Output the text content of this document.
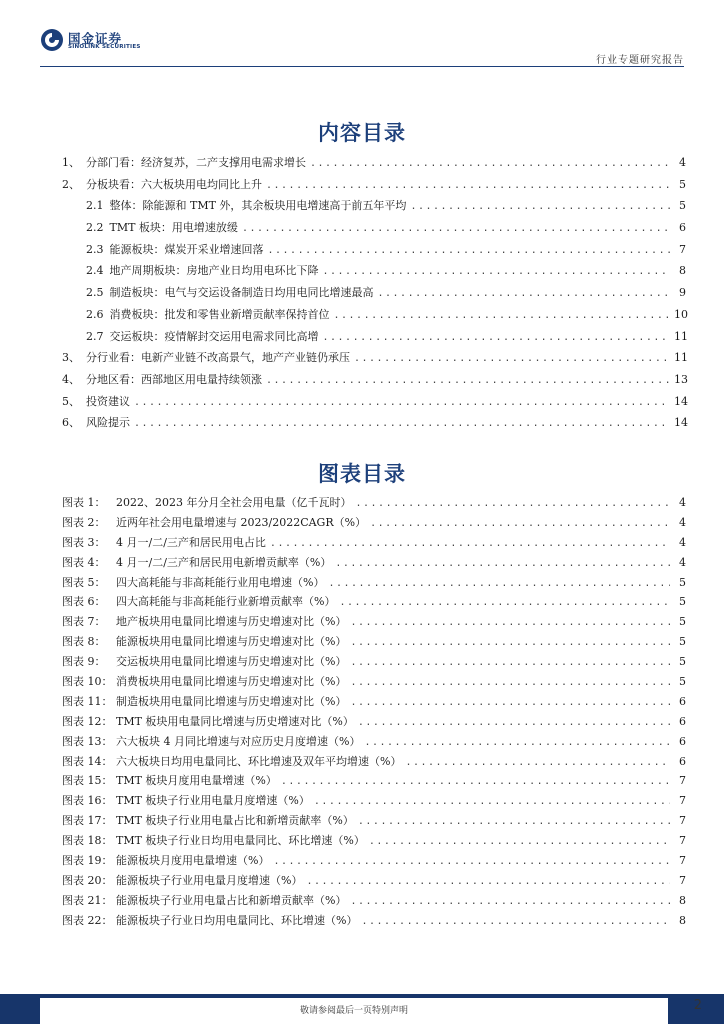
国金证券
SINOLINK SECURITIES
行业专题研究报告
内容目录
1、 分部门看：经济复苏，二产支撑用电需求增长 .....	4
2、 分板块看：六大板块用电均同比上升 .....	5
2.1 整体：除能源和 TMT 外，其余板块用电增速高于前五年平均 .....	5
2.2 TMT 板块：用电增速放缓 .....	6
2.3 能源板块：煤炭开采业增速回落 .....	7
2.4 地产周期板块：房地产业日均用电环比下降 .....	8
2.5 制造板块：电气与交运设备制造日均用电同比增速最高 .....	9
2.6 消费板块：批发和零售业新增贡献率保持首位 .....	10
2.7 交运板块：疫情解封交运用电需求同比高增 .....	11
3、 分行业看：电新产业链不改高景气，地产产业链仍承压 .....	11
4、 分地区看：西部地区用电量持续领涨 .....	13
5、 投资建议 .....	14
6、 风险提示 .....	14
图表目录
图表 1： 2022、2023 年分月全社会用电量（亿千瓦时） .....	4
图表 2： 近两年社会用电量增速与 2023/2022CAGR（%） .....	4
图表 3： 4 月一/二/三产和居民用电占比 .....	4
图表 4： 4 月一/二/三产和居民用电新增贡献率（%） .....	4
图表 5： 四大高耗能与非高耗能行业用电增速（%） .....	5
图表 6： 四大高耗能与非高耗能行业新增贡献率（%） .....	5
图表 7： 地产板块用电量同比增速与历史增速对比（%） .....	5
图表 8： 能源板块用电量同比增速与历史增速对比（%） .....	5
图表 9： 交运板块用电量同比增速与历史增速对比（%） .....	5
图表 10： 消费板块用电量同比增速与历史增速对比（%） .....	5
图表 11： 制造板块用电量同比增速与历史增速对比（%） .....	6
图表 12： TMT 板块用电量同比增速与历史增速对比（%） .....	6
图表 13： 六大板块 4 月同比增速与对应历史月度增速（%） .....	6
图表 14： 六大板块日均用电量同比、环比增速及双年平均增速（%） .....	6
图表 15： TMT 板块月度用电量增速（%） .....	7
图表 16： TMT 板块子行业用电量月度增速（%） .....	7
图表 17： TMT 板块子行业用电量占比和新增贡献率（%） .....	7
图表 18： TMT 板块子行业日均用电量同比、环比增速（%） .....	7
图表 19： 能源板块月度用电量增速（%） .....	7
图表 20： 能源板块子行业用电量月度增速（%） .....	7
图表 21： 能源板块子行业用电量占比和新增贡献率（%） .....	8
图表 22： 能源板块子行业日均用电量同比、环比增速（%） .....	8
敬请参阅最后一页特别声明	2
